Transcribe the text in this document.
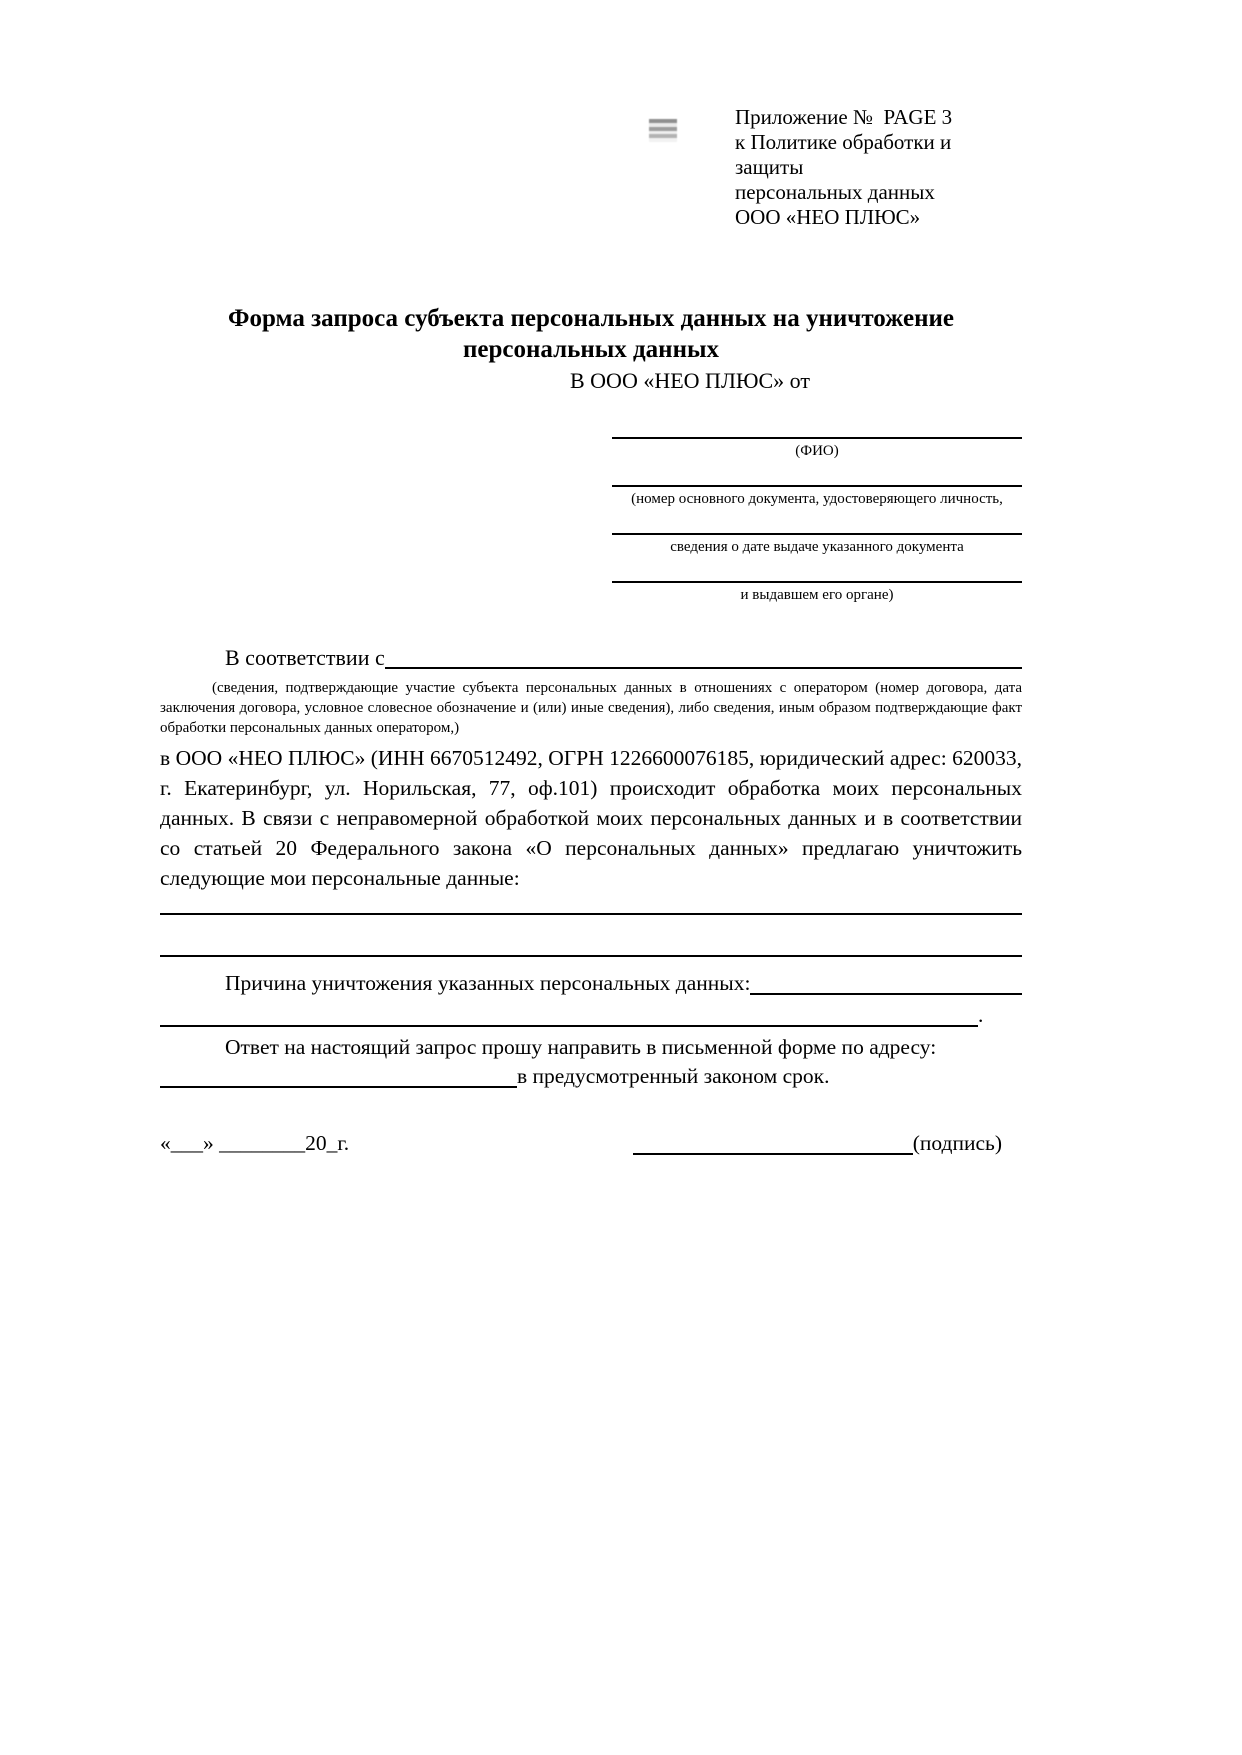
Приложение №  PAGE 3
к Политике обработки и защиты
персональных данных
ООО «НЕО ПЛЮС»
Форма запроса субъекта персональных данных на уничтожение
персональных данных
В ООО «НЕО ПЛЮС» от
(ФИО)
(номер основного документа, удостоверяющего личность,
сведения о дате выдаче указанного документа
и выдавшем его органе)
В соответствии с
(сведения, подтверждающие участие субъекта персональных данных в отношениях с оператором (номер договора, дата заключения договора, условное словесное обозначение и (или) иные сведения), либо сведения, иным образом подтверждающие факт обработки персональных данных оператором,)
в ООО «НЕО ПЛЮС» (ИНН 6670512492, ОГРН 1226600076185, юридический адрес: 620033, г. Екатеринбург, ул. Норильская, 77, оф.101) происходит обработка моих персональных данных. В связи с неправомерной обработкой моих персональных данных и в соответствии со статьей 20 Федерального закона «О персональных данных» предлагаю уничтожить следующие мои персональные данные:
Причина уничтожения указанных персональных данных:
.
Ответ на настоящий запрос прошу направить в письменной форме по адресу:
в предусмотренный законом срок.
«___» ________20_г.	(подпись)
